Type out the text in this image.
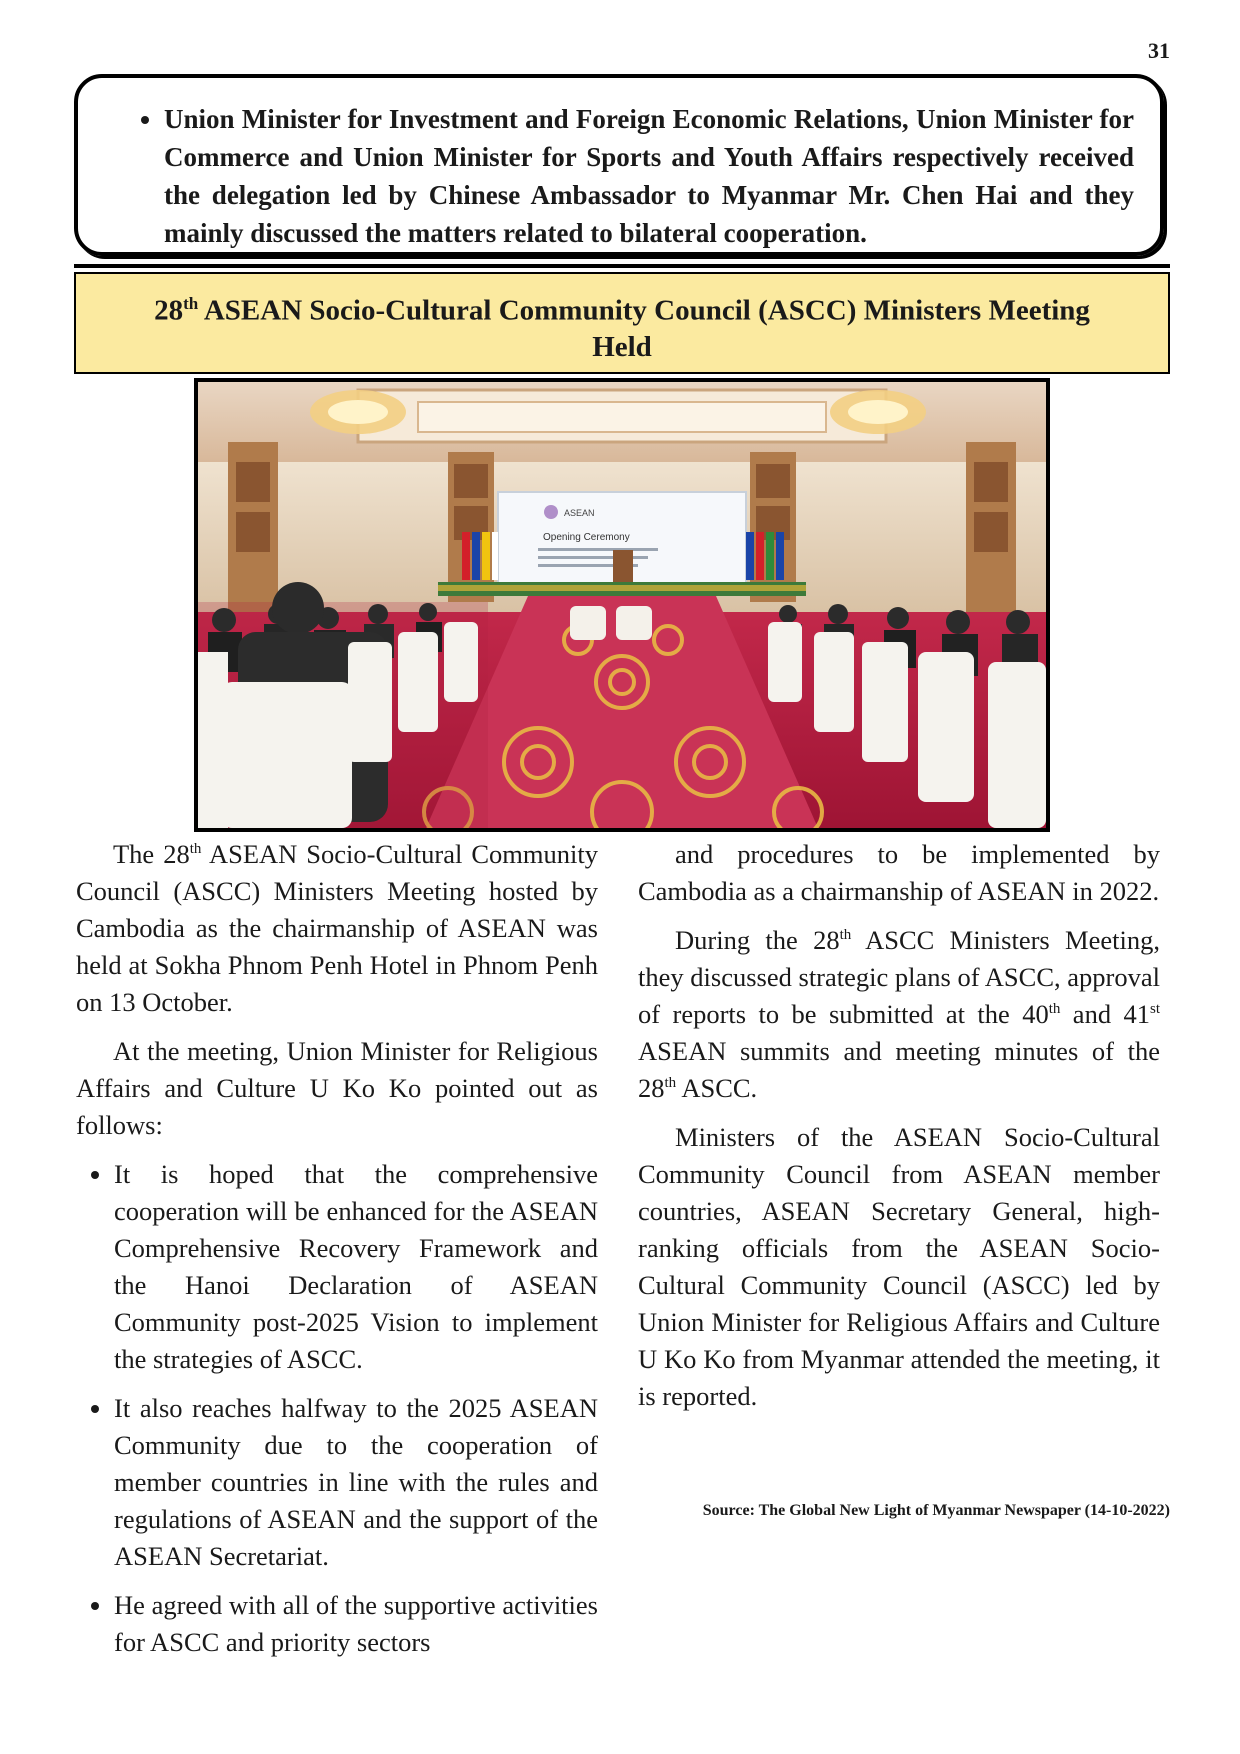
31
• Union Minister for Investment and Foreign Economic Relations, Union Minister for Commerce and Union Minister for Sports and Youth Affairs respectively received the delegation led by Chinese Ambassador to Myanmar Mr. Chen Hai and they mainly discussed the matters related to bilateral cooperation.
28th ASEAN Socio-Cultural Community Council (ASCC) Ministers Meeting
Held
ASEAN
Opening Ceremony

The 28th ASEAN Socio-Cultural Community Council (ASCC) Ministers Meeting hosted by Cambodia as the chairmanship of ASEAN was held at Sokha Phnom Penh Hotel in Phnom Penh on 13 October.

At the meeting, Union Minister for Religious Affairs and Culture U Ko Ko pointed out as follows:

• It is hoped that the comprehensive cooperation will be enhanced for the ASEAN Comprehensive Recovery Framework and the Hanoi Declaration of ASEAN Community post-2025 Vision to implement the strategies of ASCC.
• It also reaches halfway to the 2025 ASEAN Community due to the cooperation of member countries in line with the rules and regulations of ASEAN and the support of the ASEAN Secretariat.
• He agreed with all of the supportive activities for ASCC and priority sectors

and procedures to be implemented by Cambodia as a chairmanship of ASEAN in 2022.

During the 28th ASCC Ministers Meeting, they discussed strategic plans of ASCC, approval of reports to be submitted at the 40th and 41st ASEAN summits and meeting minutes of the 28th ASCC.

Ministers of the ASEAN Socio-Cultural Community Council from ASEAN member countries, ASEAN Secretary General, high-ranking officials from the ASEAN Socio-Cultural Community Council (ASCC) led by Union Minister for Religious Affairs and Culture U Ko Ko from Myanmar attended the meeting, it is reported.

Source: The Global New Light of Myanmar Newspaper (14-10-2022)
